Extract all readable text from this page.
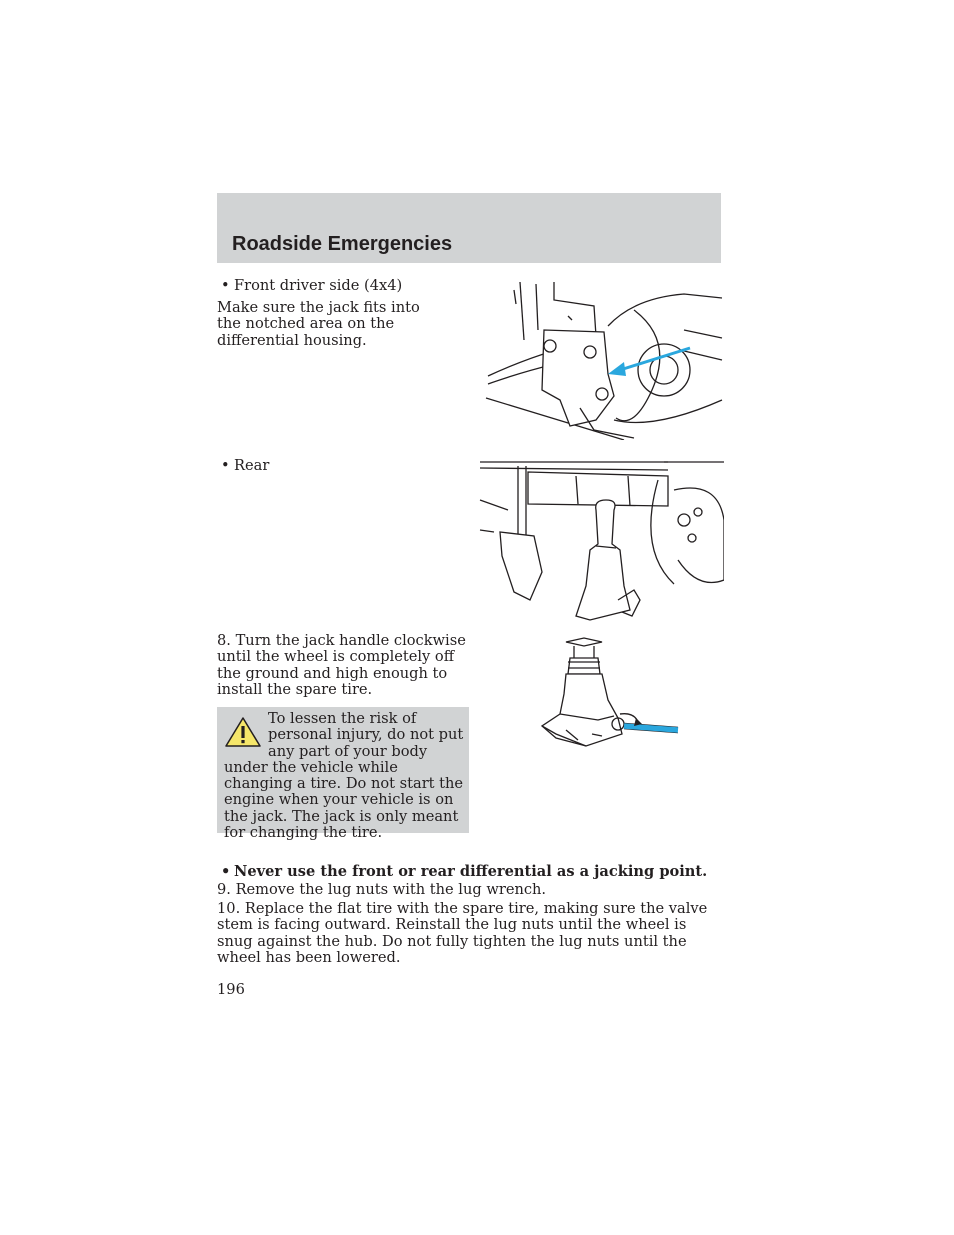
Roadside Emergencies

• Front driver side (4x4)

Make sure the jack fits into the notched area on the differential housing.

• Rear

8. Turn the jack handle clockwise until the wheel is completely off the ground and high enough to install the spare tire.

To lessen the risk of personal injury, do not put any part of your body under the vehicle while changing a tire. Do not start the engine when your vehicle is on the jack. The jack is only meant for changing the tire.

• Never use the front or rear differential as a jacking point.

9. Remove the lug nuts with the lug wrench.

10. Replace the flat tire with the spare tire, making sure the valve stem is facing outward. Reinstall the lug nuts until the wheel is snug against the hub. Do not fully tighten the lug nuts until the wheel has been lowered.

196
